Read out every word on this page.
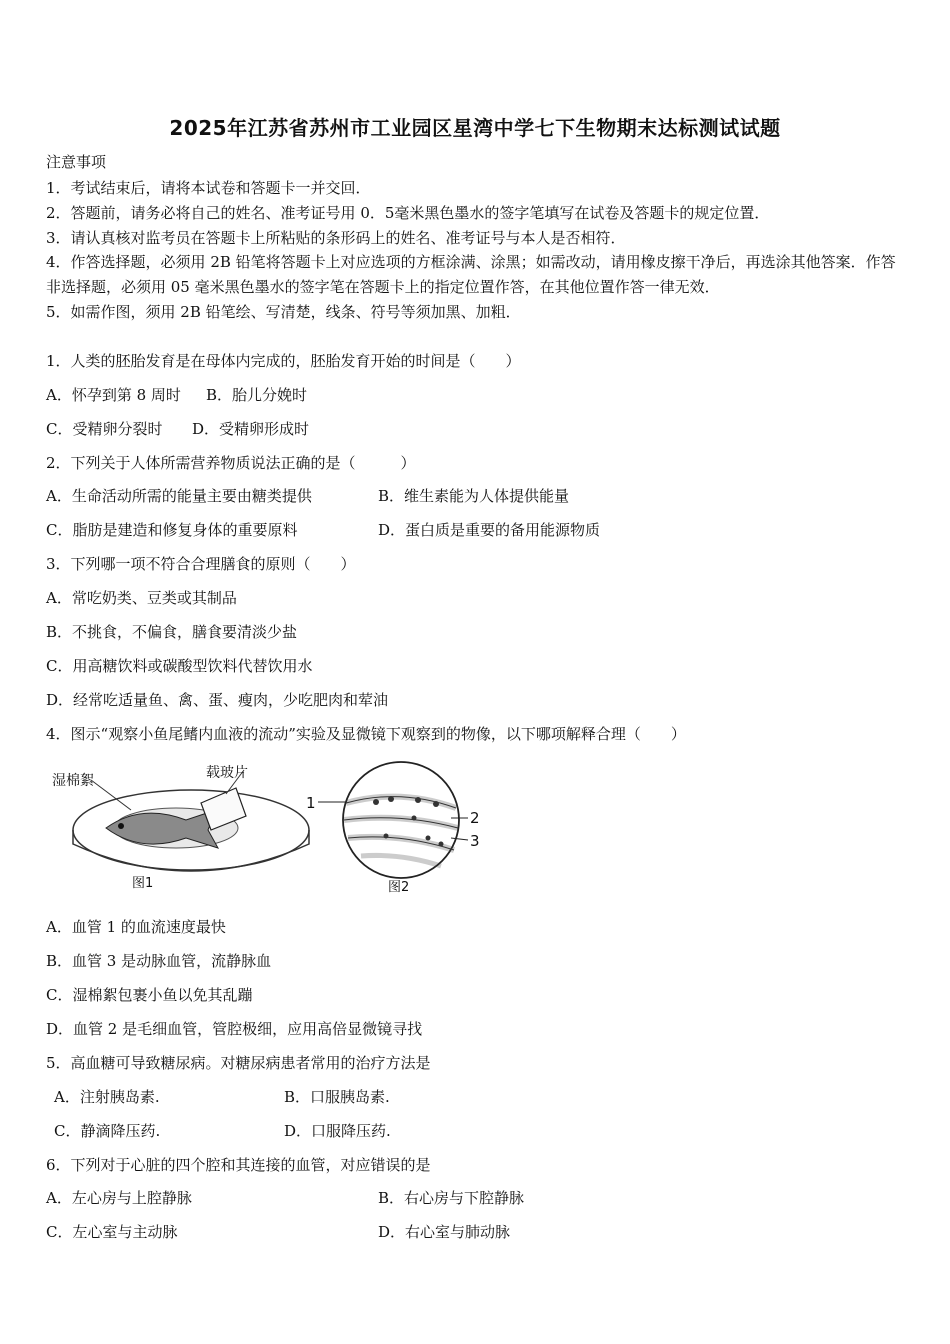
2025年江苏省苏州市工业园区星湾中学七下生物期末达标测试试题
注意事项
1．考试结束后，请将本试卷和答题卡一并交回．
2．答题前，请务必将自己的姓名、准考证号用 0．5毫米黑色墨水的签字笔填写在试卷及答题卡的规定位置．
3．请认真核对监考员在答题卡上所粘贴的条形码上的姓名、准考证号与本人是否相符．
4．作答选择题，必须用 2B 铅笔将答题卡上对应选项的方框涂满、涂黑；如需改动，请用橡皮擦干净后，再选涂其他答案．作答非选择题，必须用 05 毫米黑色墨水的签字笔在答题卡上的指定位置作答，在其他位置作答一律无效．
5．如需作图，须用 2B 铅笔绘、写清楚，线条、符号等须加黑、加粗．
1．人类的胚胎发育是在母体内完成的，胚胎发育开始的时间是（　　）
A．怀孕到第 8 周时 B．胎儿分娩时
C．受精卵分裂时 D．受精卵形成时
2．下列关于人体所需营养物质说法正确的是（　　　）
A．生命活动所需的能量主要由糖类提供	B．维生素能为人体提供能量
C．脂肪是建造和修复身体的重要原料	D．蛋白质是重要的备用能源物质
3．下列哪一项不符合合理膳食的原则（　　）
A．常吃奶类、豆类或其制品
B．不挑食，不偏食，膳食要清淡少盐
C．用高糖饮料或碳酸型饮料代替饮用水
D．经常吃适量鱼、禽、蛋、瘦肉，少吃肥肉和荤油
4．图示“观察小鱼尾鳍内血液的流动”实验及显微镜下观察到的物像，以下哪项解释合理（　　）
湿棉絮	载玻片
图1	图2
1
2
3
A．血管 1 的血流速度最快
B．血管 3 是动脉血管，流静脉血
C．湿棉絮包裹小鱼以免其乱蹦
D．血管 2 是毛细血管，管腔极细，应用高倍显微镜寻找
5．高血糖可导致糖尿病。对糖尿病患者常用的治疗方法是
A．注射胰岛素.	B．口服胰岛素.
C．静滴降压药.	D．口服降压药.
6．下列对于心脏的四个腔和其连接的血管，对应错误的是
A．左心房与上腔静脉	B．右心房与下腔静脉
C．左心室与主动脉	D．右心室与肺动脉
